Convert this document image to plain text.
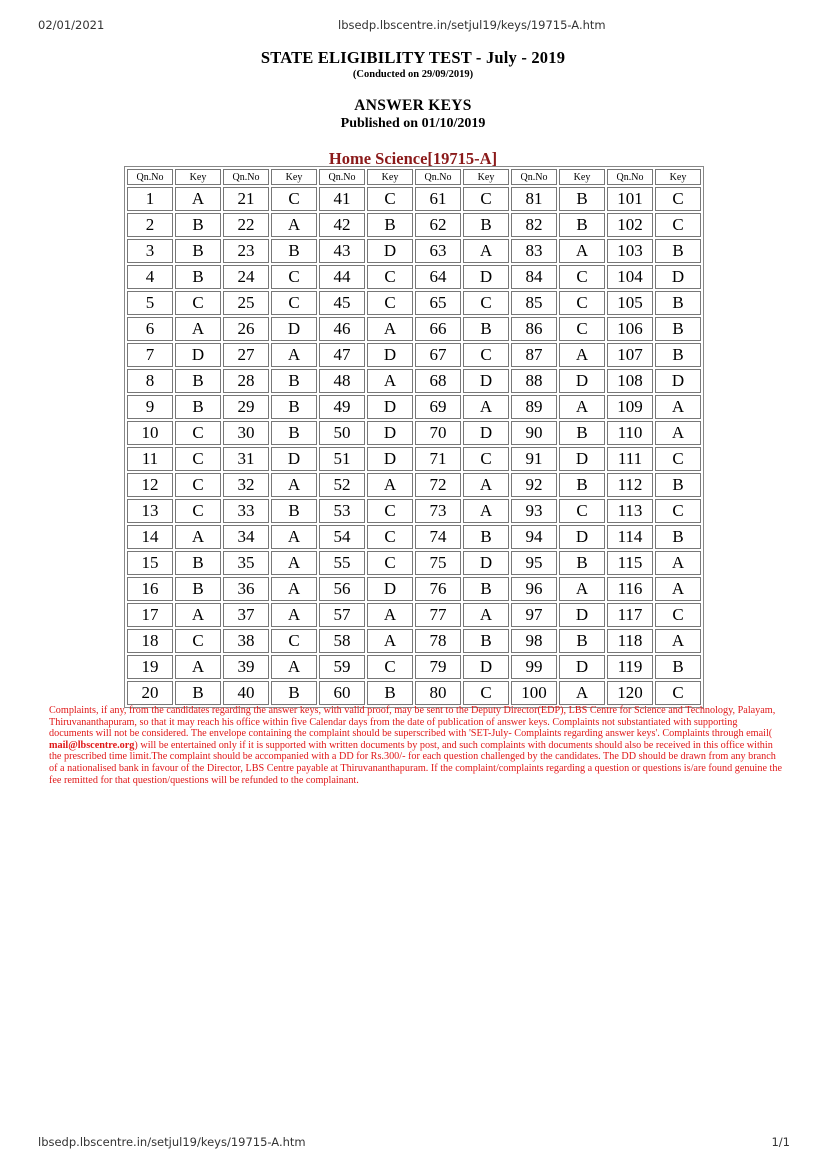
02/01/2021	lbsedp.lbscentre.in/setjul19/keys/19715-A.htm
STATE ELIGIBILITY TEST - July - 2019
(Conducted on 29/09/2019)
ANSWER KEYS
Published on 01/10/2019
Home Science[19715-A]
Qn.No	Key	Qn.No	Key	Qn.No	Key	Qn.No	Key	Qn.No	Key	Qn.No	Key
1	A	21	C	41	C	61	C	81	B	101	C
2	B	22	A	42	B	62	B	82	B	102	C
3	B	23	B	43	D	63	A	83	A	103	B
4	B	24	C	44	C	64	D	84	C	104	D
5	C	25	C	45	C	65	C	85	C	105	B
6	A	26	D	46	A	66	B	86	C	106	B
7	D	27	A	47	D	67	C	87	A	107	B
8	B	28	B	48	A	68	D	88	D	108	D
9	B	29	B	49	D	69	A	89	A	109	A
10	C	30	B	50	D	70	D	90	B	110	A
11	C	31	D	51	D	71	C	91	D	111	C
12	C	32	A	52	A	72	A	92	B	112	B
13	C	33	B	53	C	73	A	93	C	113	C
14	A	34	A	54	C	74	B	94	D	114	B
15	B	35	A	55	C	75	D	95	B	115	A
16	B	36	A	56	D	76	B	96	A	116	A
17	A	37	A	57	A	77	A	97	D	117	C
18	C	38	C	58	A	78	B	98	B	118	A
19	A	39	A	59	C	79	D	99	D	119	B
20	B	40	B	60	B	80	C	100	A	120	C
Complaints, if any, from the candidates regarding the answer keys, with valid proof, may be sent to the Deputy Director(EDP), LBS Centre for Science and Technology, Palayam, Thiruvananthapuram, so that it may reach his office within five Calendar days from the date of publication of answer keys. Complaints not substantiated with supporting documents will not be considered. The envelope containing the complaint should be superscribed with 'SET-July- Complaints regarding answer keys'. Complaints through email( mail@lbscentre.org) will be entertained only if it is supported with written documents by post, and such complaints with documents should also be received in this office within the prescribed time limit.The complaint should be accompanied with a DD for Rs.300/- for each question challenged by the candidates. The DD should be drawn from any branch of a nationalised bank in favour of the Director, LBS Centre payable at Thiruvananthapuram. If the complaint/complaints regarding a question or questions is/are found genuine the fee remitted for that question/questions will be refunded to the complainant.
lbsedp.lbscentre.in/setjul19/keys/19715-A.htm	1/1
